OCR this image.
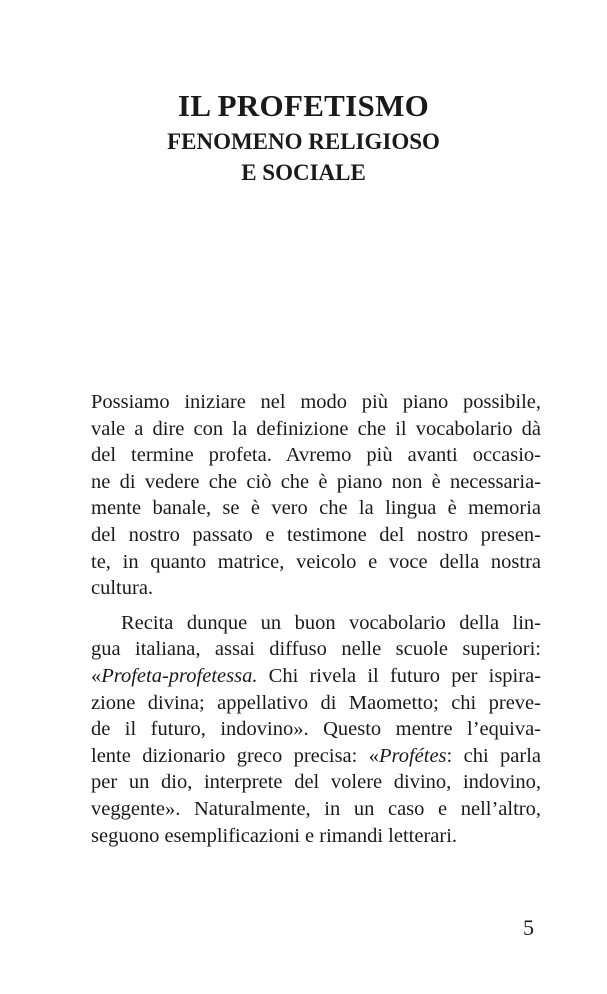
IL PROFETISMO
FENOMENO RELIGIOSO
E SOCIALE
Possiamo iniziare nel modo più piano possibile,
vale a dire con la definizione che il vocabolario dà
del termine profeta. Avremo più avanti occasio-
ne di vedere che ciò che è piano non è necessaria-
mente banale, se è vero che la lingua è memoria
del nostro passato e testimone del nostro presen-
te, in quanto matrice, veicolo e voce della nostra
cultura.
Recita dunque un buon vocabolario della lin-
gua italiana, assai diffuso nelle scuole superiori:
«Profeta-profetessa. Chi rivela il futuro per ispira-
zione divina; appellativo di Maometto; chi preve-
de il futuro, indovino». Questo mentre l’equiva-
lente dizionario greco precisa: «Profétes: chi parla
per un dio, interprete del volere divino, indovino,
veggente». Naturalmente, in un caso e nell’altro,
seguono esemplificazioni e rimandi letterari.
5
